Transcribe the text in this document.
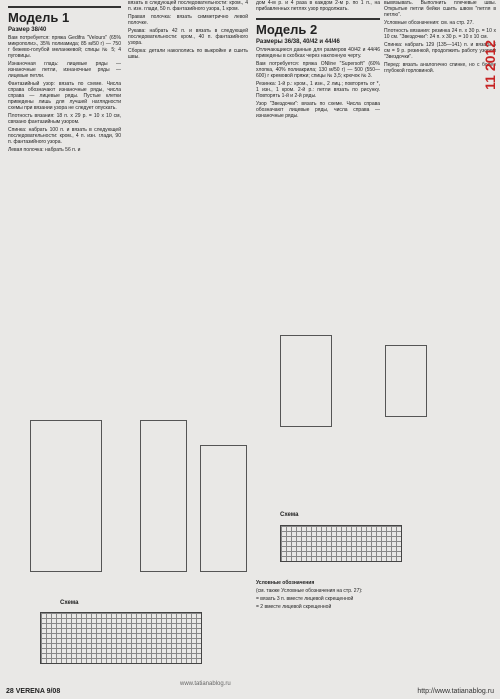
Модель 1
Размер 38/40

Вам потребуется: пряжа Gedifra "Velours" (65% микрополиэ., 35% полиамида; 85 м/50 г) — 750 г бежево-голубой меланжевой; спицы № 5; 4 пуговицы.

Изнаночная гладь: лицевые ряды — изнаночные петли, изнаночные ряды — лицевые петли.

Фантазийный узор: вязать по схеме. Числа справа обозначают изнаночные ряды, числа справа — лицевые ряды. Пустые клетки приведены лишь для лучшей наглядности схемы при вязании узора не следует опускать.

Плотность вязания: 18 п. x 29 р. = 10 x 10 см, связано фантазийным узором.

Спинка: набрать 100 п. и вязать в следующей последовательности: кром., 4 п. изн. глади, 90 п. фантазийного узора.

Левая полочка: набрать 56 п. и

вязать в следующей последовательности: кром., 4 п. изн. глади, 50 п. фантазийного узора, 1 кром.

Правая полочка: вязать симметрично левой полочке.

Рукава: набрать 42 п. и вязать в следующей последовательности: кром., 40 п. фантазийного узора.

Сборка: детали накололись по выкройке и сшить швы.

дом 4-м р. и 4 раза в каждом 2-м р. по 1 п., на прибавленных петлях узор продолжать.

Модель 2
Размеры 36/38, 40/42 и 44/46

Отличающиеся данные для размеров 40/42 и 44/46 приведены в скобках через наклонную черту.

Вам потребуется: пряжа ONline "Supersoft" (60% хлопка, 40% полиакрила; 130 м/50 г) — 500 (550—600) г кремовой пряжи; спицы № 3,5; крючок № 3.

Резинка: 1-й р.: кром., 1 изн., 2 лиц.; повторять от *, 1 изн., 1 кром. 2-й р.: петли вязать по рисунку. Повторять 1-й и 2-й ряды.

Узор "Звездочки": вязать по схеме. Числа справа обозначают лицевые ряды, числа справа — изнаночные ряды.

вывязывать. Выполнить плечевые швы. Открытые петли бейки сшить швом "петля в петлю".

Условные обозначения: см. на стр. 27.

Плотность вязания: резинка 24 п. x 30 р. = 10 x 10 см. "Звездочки": 24 п. x 30 р. = 10 x 10 см.

Спинка: набрать 129 (135—141) п. и вязать 5 см = 9 р. резинкой, продолжить работу узором "Звездочки".

Перед: вязать аналогично спинке, но с более глубокой горловиной.

Схема
Схема

Условные обозначения

(см. также Условные обозначения на стр. 27):

= вязать 3 п. вместе лицевой скрещенной

= 2 вместе лицевой скрещенной

11 2012
28 VERENA 9/08
www.tatianablog.ru
http://www.tatianablog.ru
